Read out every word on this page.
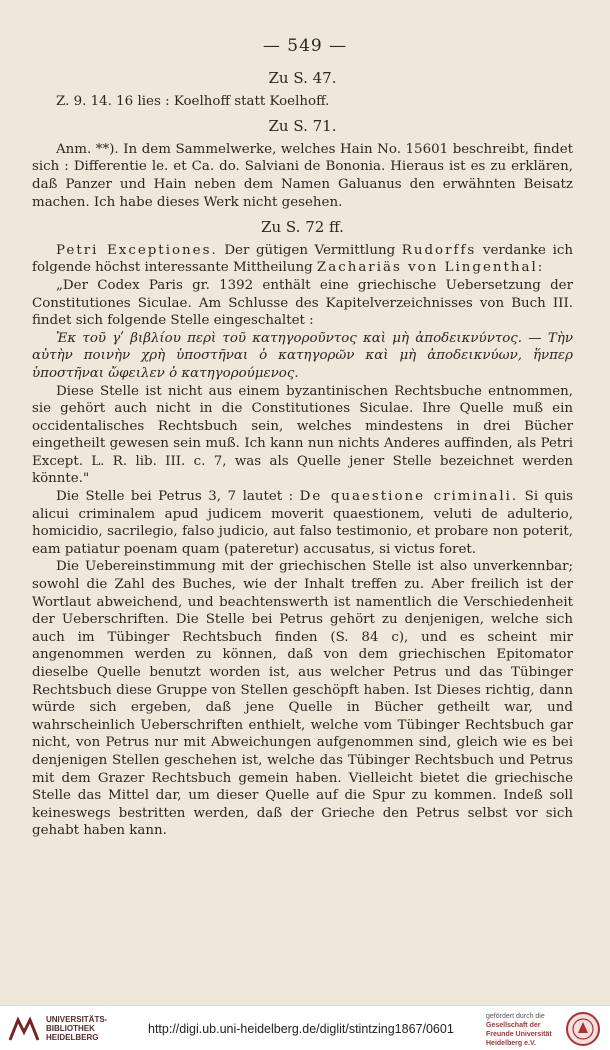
— 549 —
Zu S. 47.

Z. 9. 14. 16 lies : Koelhoff statt Koelhoff.

Zu S. 71.

Anm. **). In dem Sammelwerke, welches Hain No. 15601 beschreibt, findet sich : Differentie le. et Ca. do. Salviani de Bononia. Hieraus ist es zu erklären, daß Panzer und Hain neben dem Namen Galuanus den erwähnten Beisatz machen. Ich habe dieses Werk nicht gesehen.

Zu S. 72 ff.

Petri Exceptiones. Der gütigen Vermittlung Rudorffs verdanke ich folgende höchst interessante Mittheilung Zachariäs von Lingenthal:

„Der Codex Paris gr. 1392 enthält eine griechische Uebersetzung der Constitutiones Siculae. Am Schlusse des Kapitelverzeichnisses von Buch III. findet sich folgende Stelle eingeschaltet :

Ἐκ τοῦ γʹ βιβλίου περὶ τοῦ κατηγοροῦντος καὶ μὴ ἀποδεικνύντος. — Τὴν αὐτὴν ποινὴν χρὴ ὑποστῆναι ὁ κατηγορῶν καὶ μὴ ἀποδεικνύων, ἥνπερ ὑποστῆναι ὤφειλεν ὁ κατηγορούμενος.

Diese Stelle ist nicht aus einem byzantinischen Rechtsbuche entnommen, sie gehört auch nicht in die Constitutiones Siculae. Ihre Quelle muß ein occidentalisches Rechtsbuch sein, welches mindestens in drei Bücher eingetheilt gewesen sein muß. Ich kann nun nichts Anderes auffinden, als Petri Except. L. R. lib. III. c. 7, was als Quelle jener Stelle bezeichnet werden könnte."

Die Stelle bei Petrus 3, 7 lautet : De quaestione criminali. Si quis alicui criminalem apud judicem moverit quaestionem, veluti de adulterio, homicidio, sacrilegio, falso judicio, aut falso testimonio, et probare non poterit, eam patiatur poenam quam (pateretur) accusatus, si victus foret.

Die Uebereinstimmung mit der griechischen Stelle ist also unverkennbar; sowohl die Zahl des Buches, wie der Inhalt treffen zu. Aber freilich ist der Wortlaut abweichend, und beachtenswerth ist namentlich die Verschiedenheit der Ueberschriften. Die Stelle bei Petrus gehört zu denjenigen, welche sich auch im Tübinger Rechtsbuch finden (S. 84 c), und es scheint mir angenommen werden zu können, daß von dem griechischen Epitomator dieselbe Quelle benutzt worden ist, aus welcher Petrus und das Tübinger Rechtsbuch diese Gruppe von Stellen geschöpft haben. Ist Dieses richtig, dann würde sich ergeben, daß jene Quelle in Bücher getheilt war, und wahrscheinlich Ueberschriften enthielt, welche vom Tübinger Rechtsbuch gar nicht, von Petrus nur mit Abweichungen aufgenommen sind, gleich wie es bei denjenigen Stellen geschehen ist, welche das Tübinger Rechtsbuch und Petrus mit dem Grazer Rechtsbuch gemein haben. Vielleicht bietet die griechische Stelle das Mittel dar, um dieser Quelle auf die Spur zu kommen. Indeß soll keineswegs bestritten werden, daß der Grieche den Petrus selbst vor sich gehabt haben kann.

UNIVERSITÄTS-BIBLIOTHEK HEIDELBERG
http://digi.ub.uni-heidelberg.de/diglit/stintzing1867/0601
gefördert durch die
Gesellschaft der Freunde Universität Heidelberg e.V.
